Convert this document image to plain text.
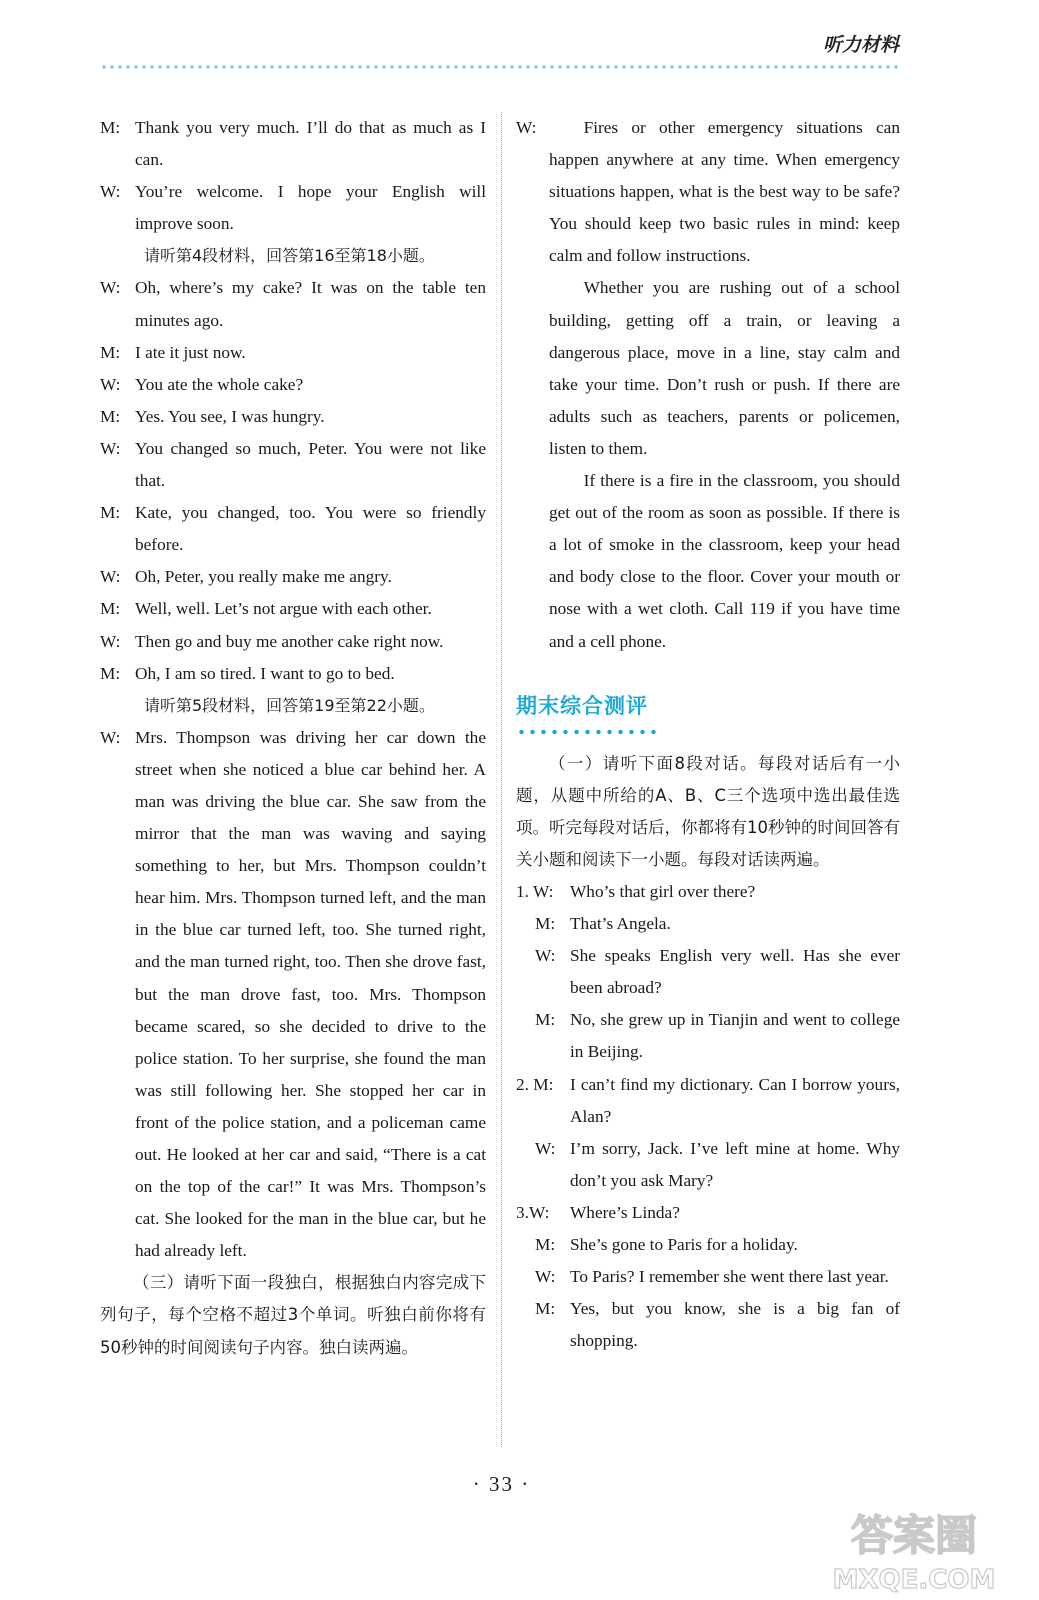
听力材料
M: Thank you very much. I’ll do that as much as I can.
W: You’re welcome. I hope your English will improve soon.
请听第4段材料，回答第16至第18小题。
W: Oh, where’s my cake? It was on the table ten minutes ago.
M: I ate it just now.
W: You ate the whole cake?
M: Yes. You see, I was hungry.
W: You changed so much, Peter. You were not like that.
M: Kate, you changed, too. You were so friendly before.
W: Oh, Peter, you really make me angry.
M: Well, well. Let’s not argue with each other.
W: Then go and buy me another cake right now.
M: Oh, I am so tired. I want to go to bed.
请听第5段材料，回答第19至第22小题。
W: Mrs. Thompson was driving her car down the street when she noticed a blue car behind her. A man was driving the blue car. She saw from the mirror that the man was waving and saying something to her, but Mrs. Thompson couldn’t hear him. Mrs. Thompson turned left, and the man in the blue car turned left, too. She turned right, and the man turned right, too. Then she drove fast, but the man drove fast, too. Mrs. Thompson became scared, so she decided to drive to the police station. To her surprise, she found the man was still following her. She stopped her car in front of the police station, and a policeman came out. He looked at her car and said, “There is a cat on the top of the car!” It was Mrs. Thompson’s cat. She looked for the man in the blue car, but he had already left.

（三）请听下面一段独白，根据独白内容完成下列句子，每个空格不超过3个单词。听独白前你将有50秒钟的时间阅读句子内容。独白读两遍。

W:	Fires or other emergency situations can happen anywhere at any time. When emergency situations happen, what is the best way to be safe? You should keep two basic rules in mind: keep calm and follow instructions.

Whether you are rushing out of a school building, getting off a train, or leaving a dangerous place, move in a line, stay calm and take your time. Don’t rush or push. If there are adults such as teachers, parents or policemen, listen to them.

If there is a fire in the classroom, you should get out of the room as soon as possible. If there is a lot of smoke in the classroom, keep your head and body close to the floor. Cover your mouth or nose with a wet cloth. Call 119 if you have time and a cell phone.

期末综合测评

（一）请听下面8段对话。每段对话后有一小题，从题中所给的A、B、C三个选项中选出最佳选项。听完每段对话后，你都将有10秒钟的时间回答有关小题和阅读下一小题。每段对话读两遍。

1. W: Who’s that girl over there?
M: That’s Angela.
W: She speaks English very well. Has she ever been abroad?
M: No, she grew up in Tianjin and went to college in Beijing.
2. M: I can’t find my dictionary. Can I borrow yours, Alan?
W: I’m sorry, Jack. I’ve left mine at home. Why don’t you ask Mary?
3.W:	Where’s Linda?
M: She’s gone to Paris for a holiday.
W: To Paris? I remember she went there last year.
M: Yes, but you know, she is a big fan of shopping.
· 33 ·
答案圈
MXQE.COM
